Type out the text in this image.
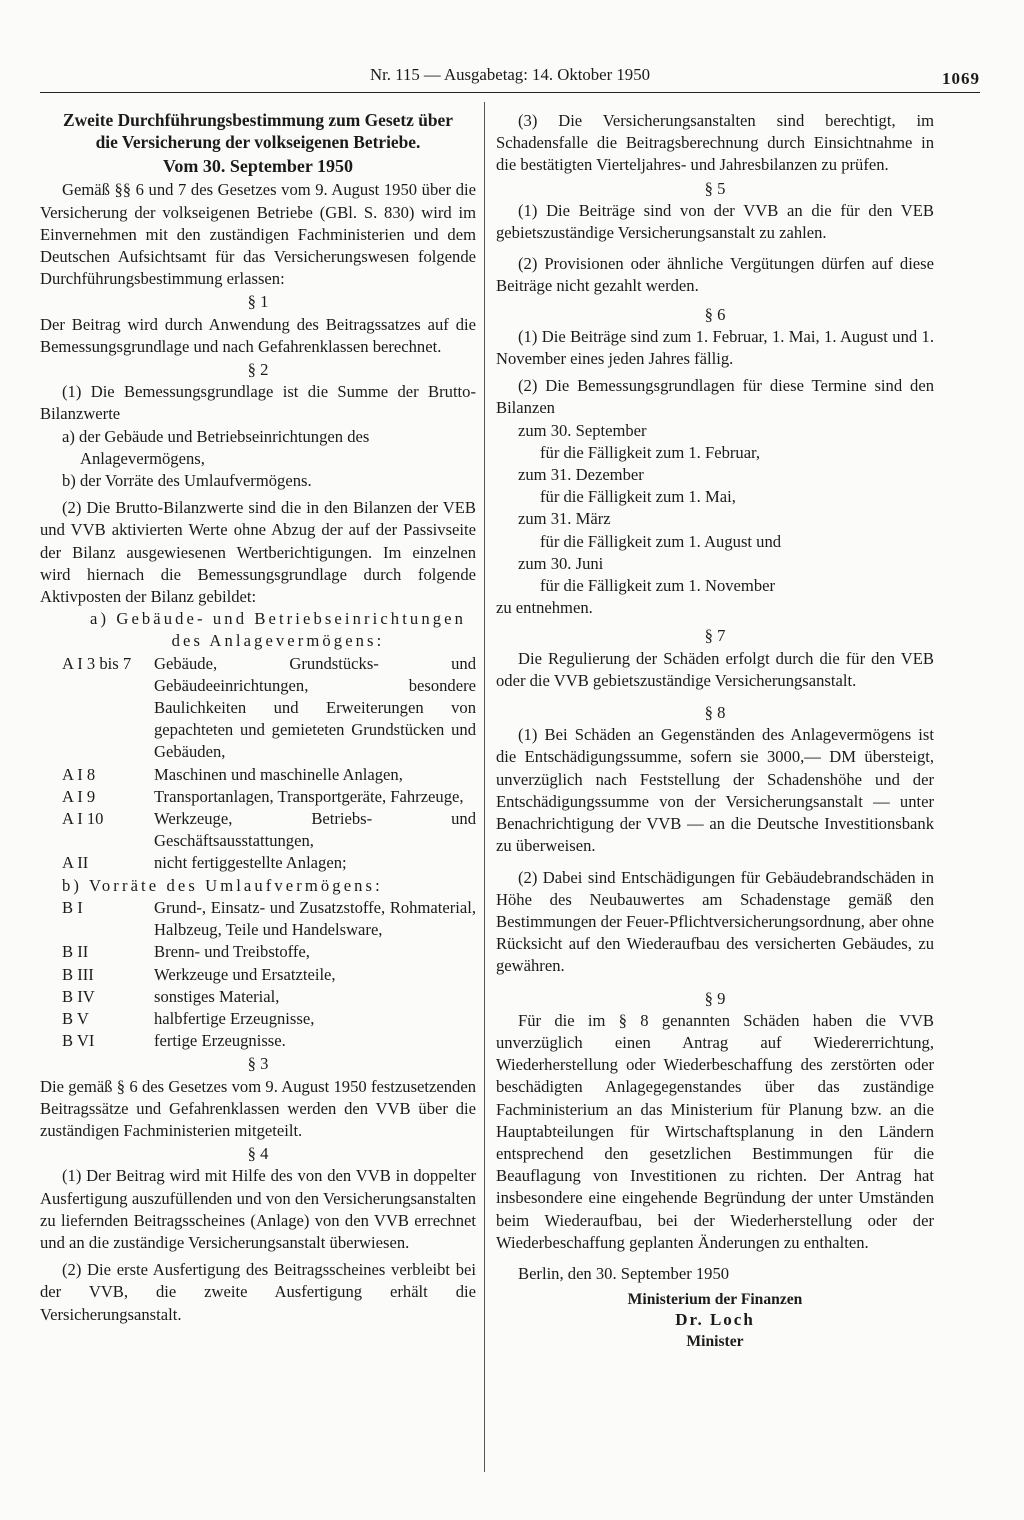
Nr. 115 — Ausgabetag: 14. Oktober 1950	1069

Zweite Durchführungsbestimmung zum Gesetz über die Versicherung der volkseigenen Betriebe.

Vom 30. September 1950

Gemäß §§ 6 und 7 des Gesetzes vom 9. August 1950 über die Versicherung der volkseigenen Betriebe (GBl. S. 830) wird im Einvernehmen mit den zuständigen Fachministerien und dem Deutschen Aufsichtsamt für das Versicherungswesen folgende Durchführungsbestimmung erlassen:

§ 1

Der Beitrag wird durch Anwendung des Beitragssatzes auf die Bemessungsgrundlage und nach Gefahrenklassen berechnet.

§ 2

(1) Die Bemessungsgrundlage ist die Summe der Brutto-Bilanzwerte

a) der Gebäude und Betriebseinrichtungen des Anlagevermögens,

b) der Vorräte des Umlaufvermögens.

(2) Die Brutto-Bilanzwerte sind die in den Bilanzen der VEB und VVB aktivierten Werte ohne Abzug der auf der Passivseite der Bilanz ausgewiesenen Wertberichtigungen. Im einzelnen wird hiernach die Bemessungsgrundlage durch folgende Aktivposten der Bilanz gebildet:

a) Gebäude- und Betriebseinrichtungen des Anlagevermögens:

A I 3 bis 7	Gebäude, Grundstücks- und Gebäudeeinrichtungen, besondere Baulichkeiten und Erweiterungen von gepachteten und gemieteten Grundstücken und Gebäuden,
A I 8	Maschinen und maschinelle Anlagen,
A I 9	Transportanlagen, Transportgeräte, Fahrzeuge,
A I 10	Werkzeuge, Betriebs- und Geschäftsausstattungen,
A II	nicht fertiggestellte Anlagen;

b) Vorräte des Umlaufvermögens:

B I	Grund-, Einsatz- und Zusatzstoffe, Rohmaterial, Halbzeug, Teile und Handelsware,
B II	Brenn- und Treibstoffe,
B III	Werkzeuge und Ersatzteile,
B IV	sonstiges Material,
B V	halbfertige Erzeugnisse,
B VI	fertige Erzeugnisse.

§ 3

Die gemäß § 6 des Gesetzes vom 9. August 1950 festzusetzenden Beitragssätze und Gefahrenklassen werden den VVB über die zuständigen Fachministerien mitgeteilt.

§ 4

(1) Der Beitrag wird mit Hilfe des von den VVB in doppelter Ausfertigung auszufüllenden und von den Versicherungsanstalten zu liefernden Beitragsscheines (Anlage) von den VVB errechnet und an die zuständige Versicherungsanstalt überwiesen.

(2) Die erste Ausfertigung des Beitragsscheines verbleibt bei der VVB, die zweite Ausfertigung erhält die Versicherungsanstalt.

(3) Die Versicherungsanstalten sind berechtigt, im Schadensfalle die Beitragsberechnung durch Einsichtnahme in die bestätigten Vierteljahres- und Jahresbilanzen zu prüfen.

§ 5

(1) Die Beiträge sind von der VVB an die für den VEB gebietszuständige Versicherungsanstalt zu zahlen.

(2) Provisionen oder ähnliche Vergütungen dürfen auf diese Beiträge nicht gezahlt werden.

§ 6

(1) Die Beiträge sind zum 1. Februar, 1. Mai, 1. August und 1. November eines jeden Jahres fällig.

(2) Die Bemessungsgrundlagen für diese Termine sind den Bilanzen

zum 30. September

für die Fälligkeit zum 1. Februar,

zum 31. Dezember

für die Fälligkeit zum 1. Mai,

zum 31. März

für die Fälligkeit zum 1. August und

zum 30. Juni

für die Fälligkeit zum 1. November

zu entnehmen.

§ 7

Die Regulierung der Schäden erfolgt durch die für den VEB oder die VVB gebietszuständige Versicherungsanstalt.

§ 8

(1) Bei Schäden an Gegenständen des Anlagevermögens ist die Entschädigungssumme, sofern sie 3000,— DM übersteigt, unverzüglich nach Feststellung der Schadenshöhe und der Entschädigungssumme von der Versicherungsanstalt — unter Benachrichtigung der VVB — an die Deutsche Investitionsbank zu überweisen.

(2) Dabei sind Entschädigungen für Gebäudebrandschäden in Höhe des Neubauwertes am Schadenstage gemäß den Bestimmungen der Feuer-Pflichtversicherungsordnung, aber ohne Rücksicht auf den Wiederaufbau des versicherten Gebäudes, zu gewähren.

§ 9

Für die im § 8 genannten Schäden haben die VVB unverzüglich einen Antrag auf Wiedererrichtung, Wiederherstellung oder Wiederbeschaffung des zerstörten oder beschädigten Anlagegegenstandes über das zuständige Fachministerium an das Ministerium für Planung bzw. an die Hauptabteilungen für Wirtschaftsplanung in den Ländern entsprechend den gesetzlichen Bestimmungen für die Beauflagung von Investitionen zu richten. Der Antrag hat insbesondere eine eingehende Begründung der unter Umständen beim Wiederaufbau, bei der Wiederherstellung oder der Wiederbeschaffung geplanten Änderungen zu enthalten.

Berlin, den 30. September 1950

Ministerium der Finanzen

Dr. Loch

Minister
